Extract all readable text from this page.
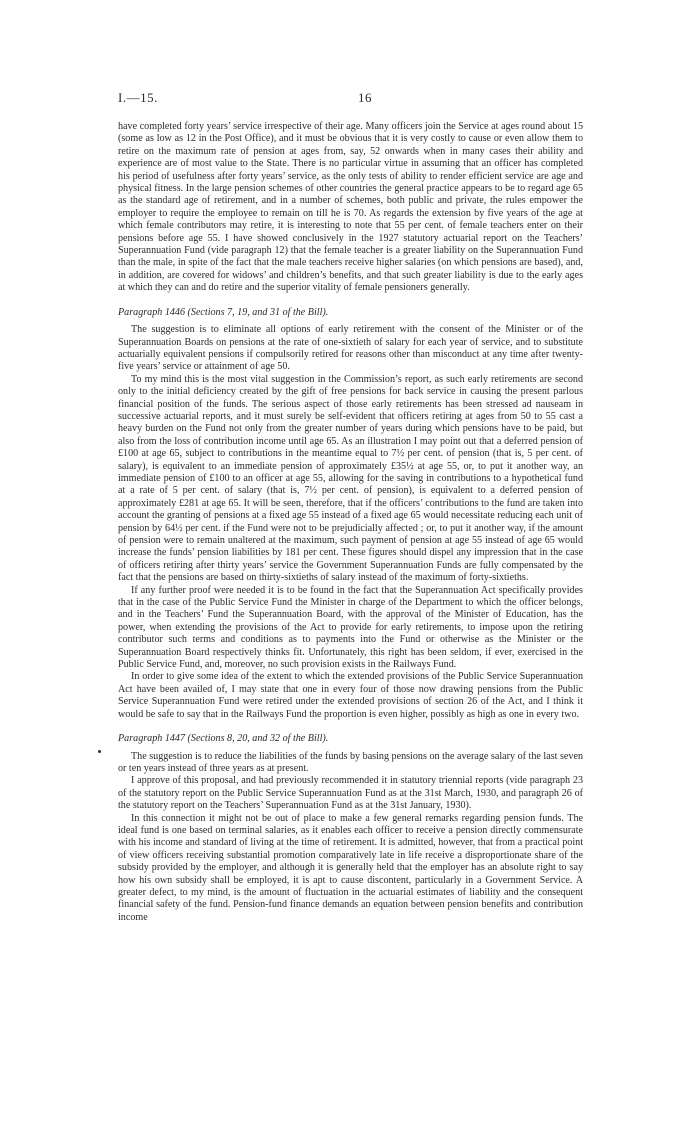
I.—15.	16

have completed forty years’ service irrespective of their age. Many officers join the Service at ages round about 15 (some as low as 12 in the Post Office), and it must be obvious that it is very costly to cause or even allow them to retire on the maximum rate of pension at ages from, say, 52 onwards when in many cases their ability and experience are of most value to the State. There is no particular virtue in assuming that an officer has completed his period of usefulness after forty years’ service, as the only tests of ability to render efficient service are age and physical fitness. In the large pension schemes of other countries the general practice appears to be to regard age 65 as the standard age of retirement, and in a number of schemes, both public and private, the rules empower the employer to require the employee to remain on till he is 70. As regards the extension by five years of the age at which female contributors may retire, it is interesting to note that 55 per cent. of female teachers enter on their pensions before age 55. I have showed conclusively in the 1927 statutory actuarial report on the Teachers’ Superannuation Fund (vide paragraph 12) that the female teacher is a greater liability on the Superannuation Fund than the male, in spite of the fact that the male teachers receive higher salaries (on which pensions are based), and, in addition, are covered for widows’ and children’s benefits, and that such greater liability is due to the early ages at which they can and do retire and the superior vitality of female pensioners generally.

Paragraph 1446 (Sections 7, 19, and 31 of the Bill).

The suggestion is to eliminate all options of early retirement with the consent of the Minister or of the Superannuation Boards on pensions at the rate of one-sixtieth of salary for each year of service, and to substitute actuarially equivalent pensions if compulsorily retired for reasons other than misconduct at any time after twenty-five years’ service or attainment of age 50.

To my mind this is the most vital suggestion in the Commission’s report, as such early retirements are second only to the initial deficiency created by the gift of free pensions for back service in causing the present parlous financial position of the funds. The serious aspect of those early retirements has been stressed ad nauseam in successive actuarial reports, and it must surely be self-evident that officers retiring at ages from 50 to 55 cast a heavy burden on the Fund not only from the greater number of years during which pensions have to be paid, but also from the loss of contribution income until age 65. As an illustration I may point out that a deferred pension of £100 at age 65, subject to contributions in the meantime equal to 7½ per cent. of pension (that is, 5 per cent. of salary), is equivalent to an immediate pension of approximately £35½ at age 55, or, to put it another way, an immediate pension of £100 to an officer at age 55, allowing for the saving in contributions to a hypothetical fund at a rate of 5 per cent. of salary (that is, 7½ per cent. of pension), is equivalent to a deferred pension of approximately £281 at age 65. It will be seen, therefore, that if the officers’ contributions to the fund are taken into account the granting of pensions at a fixed age 55 instead of a fixed age 65 would necessitate reducing each unit of pension by 64½ per cent. if the Fund were not to be prejudicially affected ; or, to put it another way, if the amount of pension were to remain unaltered at the maximum, such payment of pension at age 55 instead of age 65 would increase the funds’ pension liabilities by 181 per cent. These figures should dispel any impression that in the case of officers retiring after thirty years’ service the Government Superannuation Funds are fully compensated by the fact that the pensions are based on thirty-sixtieths of salary instead of the maximum of forty-sixtieths.

If any further proof were needed it is to be found in the fact that the Superannuation Act specifically provides that in the case of the Public Service Fund the Minister in charge of the Department to which the officer belongs, and in the Teachers’ Fund the Superannuation Board, with the approval of the Minister of Education, has the power, when extending the provisions of the Act to provide for early retirements, to impose upon the retiring contributor such terms and conditions as to payments into the Fund or otherwise as the Minister or the Superannuation Board respectively thinks fit. Unfortunately, this right has been seldom, if ever, exercised in the Public Service Fund, and, moreover, no such provision exists in the Railways Fund.

In order to give some idea of the extent to which the extended provisions of the Public Service Superannuation Act have been availed of, I may state that one in every four of those now drawing pensions from the Public Service Superannuation Fund were retired under the extended provisions of section 26 of the Act, and I think it would be safe to say that in the Railways Fund the proportion is even higher, possibly as high as one in every two.

Paragraph 1447 (Sections 8, 20, and 32 of the Bill).

The suggestion is to reduce the liabilities of the funds by basing pensions on the average salary of the last seven or ten years instead of three years as at present.

I approve of this proposal, and had previously recommended it in statutory triennial reports (vide paragraph 23 of the statutory report on the Public Service Superannuation Fund as at the 31st March, 1930, and paragraph 26 of the statutory report on the Teachers’ Superannuation Fund as at the 31st January, 1930).

In this connection it might not be out of place to make a few general remarks regarding pension funds. The ideal fund is one based on terminal salaries, as it enables each officer to receive a pension directly commensurate with his income and standard of living at the time of retirement. It is admitted, however, that from a practical point of view officers receiving substantial promotion comparatively late in life receive a disproportionate share of the subsidy provided by the employer, and although it is generally held that the employer has an absolute right to say how his own subsidy shall be employed, it is apt to cause discontent, particularly in a Government Service. A greater defect, to my mind, is the amount of fluctuation in the actuarial estimates of liability and the consequent financial safety of the fund. Pension-fund finance demands an equation between pension benefits and contribution income
